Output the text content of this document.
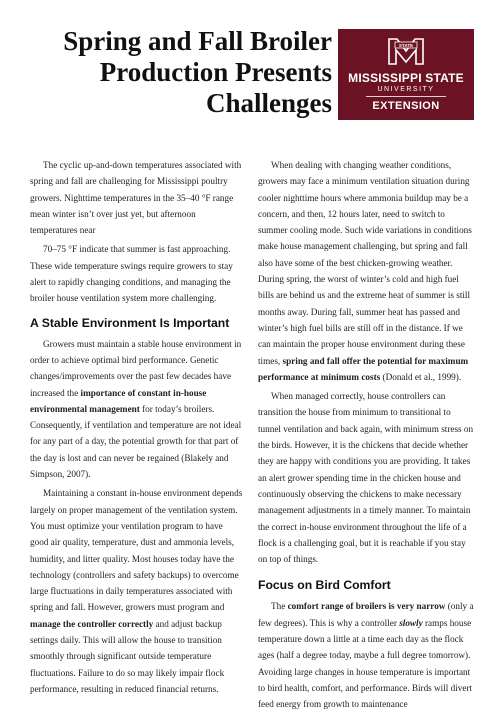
Spring and Fall Broiler
Production Presents
Challenges
STATE
MISSISSIPPI STATE
UNIVERSITY
EXTENSION

The cyclic up-and-down temperatures associated with spring and fall are challenging for Mississippi poultry growers. Nighttime temperatures in the 35–40 °F range mean winter isn’t over just yet, but afternoon temperatures near

70–75 °F indicate that summer is fast approaching. These wide temperature swings require growers to stay alert to rapidly changing conditions, and managing the broiler house ventilation system more challenging.

A Stable Environment Is Important

Growers must maintain a stable house environment in order to achieve optimal bird performance. Genetic changes/improvements over the past few decades have increased the importance of constant in-house environmental management for today’s broilers. Consequently, if ventilation and temperature are not ideal for any part of a day, the potential growth for that part of the day is lost and can never be regained (Blakely and Simpson, 2007).

Maintaining a constant in-house environment depends largely on proper management of the ventilation system. You must optimize your ventilation program to have good air quality, temperature, dust and ammonia levels, humidity, and litter quality. Most houses today have the technology (controllers and safety backups) to overcome large fluctuations in daily temperatures associated with spring and fall. However, growers must program and manage the controller correctly and adjust backup settings daily. This will allow the house to transition smoothly through significant outside temperature fluctuations. Failure to do so may likely impair flock performance, resulting in reduced financial returns.

When dealing with changing weather conditions, growers may face a minimum ventilation situation during cooler nighttime hours where ammonia buildup may be a concern, and then, 12 hours later, need to switch to summer cooling mode. Such wide variations in conditions make house management challenging, but spring and fall also have some of the best chicken-growing weather. During spring, the worst of winter’s cold and high fuel bills are behind us and the extreme heat of summer is still months away. During fall, summer heat has passed and winter’s high fuel bills are still off in the distance. If we can maintain the proper house environment during these times, spring and fall offer the potential for maximum performance at minimum costs (Donald et al., 1999).

When managed correctly, house controllers can transition the house from minimum to transitional to tunnel ventilation and back again, with minimum stress on the birds. However, it is the chickens that decide whether they are happy with conditions you are providing. It takes an alert grower spending time in the chicken house and continuously observing the chickens to make necessary management adjustments in a timely manner. To maintain the correct in-house environment throughout the life of a flock is a challenging goal, but it is reachable if you stay on top of things.

Focus on Bird Comfort

The comfort range of broilers is very narrow (only a few degrees). This is why a controller slowly ramps house temperature down a little at a time each day as the flock ages (half a degree today, maybe a full degree tomorrow). Avoiding large changes in house temperature is important to bird health, comfort, and performance. Birds will divert feed energy from growth to maintenance
